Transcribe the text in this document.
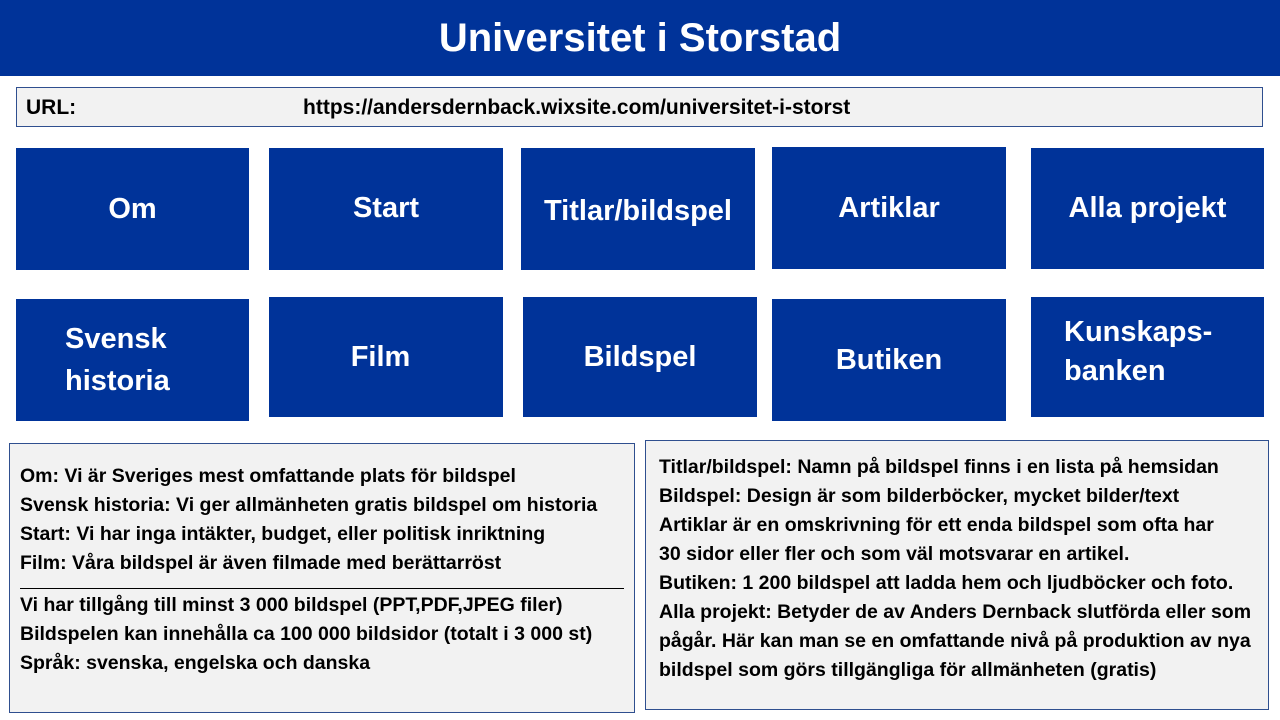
Universitet i Storstad
URL:	https://andersdernback.wixsite.com/universitet-i-storst
Om	Start	Titlar/bildspel	Artiklar	Alla projekt
Svensk
historia
Film	Bildspel	Butiken
Kunskaps-
banken
Om: Vi är Sveriges mest omfattande plats för bildspel
Svensk historia: Vi ger allmänheten gratis bildspel om historia
Start: Vi har inga intäkter, budget, eller politisk inriktning
Film: Våra bildspel är även filmade med berättarröst
Vi har tillgång till minst 3 000 bildspel (PPT,PDF,JPEG filer)
Bildspelen kan innehålla ca 100 000 bildsidor (totalt i 3 000 st)
Språk: svenska, engelska och danska
Titlar/bildspel: Namn på bildspel finns i en lista på hemsidan
Bildspel: Design är som bilderböcker, mycket bilder/text
Artiklar är en omskrivning för ett enda bildspel som ofta har
30 sidor eller fler och som väl motsvarar en artikel.
Butiken: 1 200 bildspel att ladda hem och ljudböcker och foto.
Alla projekt: Betyder de av Anders Dernback slutförda eller som
pågår. Här kan man se en omfattande nivå på produktion av nya
bildspel som görs tillgängliga för allmänheten (gratis)
